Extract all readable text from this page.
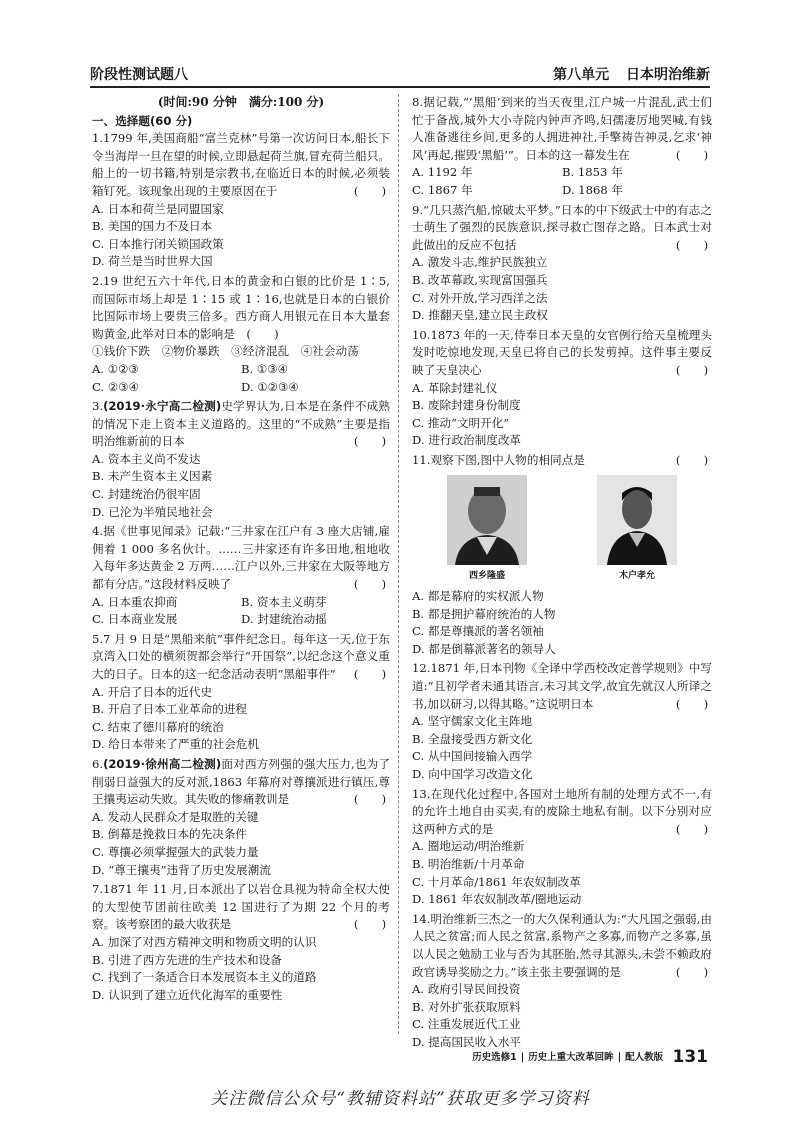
阶段性测试题八	第八单元 日本明治维新
(时间:90 分钟　满分:100 分)
一、选择题(60 分)
1.1799 年,美国商船“富兰克林”号第一次访问日本,船长下令当海岸一旦在望的时候,立即悬起荷兰旗,冒充荷兰船只。船上的一切书籍,特别是宗教书,在临近日本的时候,必须装箱钉死。该现象出现的主要原因在于	(　　)
A. 日本和荷兰是同盟国家
B. 美国的国力不及日本
C. 日本推行闭关锁国政策
D. 荷兰是当时世界大国
2.19 世纪五六十年代,日本的黄金和白银的比价是 1∶5,而国际市场上却是 1∶15 或 1∶16,也就是日本的白银价比国际市场上要贵三倍多。西方商人用银元在日本大量套购黄金,此举对日本的影响是　(　　)
①钱价下跌　②物价暴跌　③经济混乱　④社会动荡
A. ①②③	B. ①③④
C. ②③④	D. ①②③④
3.(2019·永宁高二检测)史学界认为,日本是在条件不成熟的情况下走上资本主义道路的。这里的“不成熟”主要是指明治维新前的日本	(　　)
A. 资本主义尚不发达
B. 未产生资本主义因素
C. 封建统治仍很牢固
D. 已沦为半殖民地社会
4.据《世事见闻录》记载:“三井家在江户有 3 座大店铺,雇佣着 1 000 多名伙计。……三井家还有许多田地,租地收入每年多达黄金 2 万两……江户以外,三井家在大阪等地方都有分店。”这段材料反映了	(　　)
A. 日本重农抑商	B. 资本主义萌芽
C. 日本商业发展	D. 封建统治动摇
5.7 月 9 日是“黑船来航”事件纪念日。每年这一天,位于东京湾入口处的横须贺都会举行“开国祭”,以纪念这个意义重大的日子。日本的这一纪念活动表明“黑船事件”	(　　)
A. 开启了日本的近代史
B. 开启了日本工业革命的进程
C. 结束了德川幕府的统治
D. 给日本带来了严重的社会危机
6.(2019·徐州高二检测)面对西方列强的强大压力,也为了削弱日益强大的反对派,1863 年幕府对尊攘派进行镇压,尊王攘夷运动失败。其失败的惨痛教训是	(　　)
A. 发动人民群众才是取胜的关键
B. 倒幕是挽救日本的先决条件
C. 尊攘必须掌握强大的武装力量
D. “尊王攘夷”违背了历史发展潮流
7.1871 年 11 月,日本派出了以岩仓具视为特命全权大使的大型使节团前往欧美 12 国进行了为期 22 个月的考察。该考察团的最大收获是	(　　)
A. 加深了对西方精神文明和物质文明的认识
B. 引进了西方先进的生产技术和设备
C. 找到了一条适合日本发展资本主义的道路
D. 认识到了建立近代化海军的重要性
8.据记载,“‘黑船’到来的当天夜里,江户城一片混乱,武士们忙于备战,城外大小寺院内钟声齐鸣,妇孺凄厉地哭喊,有钱人准备逃往乡间,更多的人拥进神社,手擎祷告神灵,乞求‘神风’再起,摧毁‘黑船’”。日本的这一幕发生在	(　　)
A. 1192 年	B. 1853 年
C. 1867 年	D. 1868 年
9.“几只蒸汽船,惊破太平梦。”日本的中下级武士中的有志之士萌生了强烈的民族意识,探寻救亡图存之路。日本武士对此做出的反应不包括	(　　)
A. 激发斗志,维护民族独立
B. 改革幕政,实现富国强兵
C. 对外开放,学习西洋之法
D. 推翻天皇,建立民主政权
10.1873 年的一天,侍奉日本天皇的女官例行给天皇梳理头发时吃惊地发现,天皇已将自己的长发剪掉。这件事主要反映了天皇决心	(　　)
A. 革除封建礼仪
B. 废除封建身份制度
C. 推动“文明开化”
D. 进行政治制度改革
11.观察下图,图中人物的相同点是	(　　)
西乡隆盛	木户孝允
A. 都是幕府的实权派人物
B. 都是拥护幕府统治的人物
C. 都是尊攘派的著名领袖
D. 都是倒幕派著名的领导人
12.1871 年,日本刊物《全译中学西校改定普学规则》中写道:“且初学者未通其语言,未习其文学,故宜先就汉人所译之书,加以研习,以得其略。”这说明日本	(　　)
A. 坚守儒家文化主阵地
B. 全盘接受西方新文化
C. 从中国间接输入西学
D. 向中国学习改造文化
13.在现代化过程中,各国对土地所有制的处理方式不一,有的允许土地自由买卖,有的废除土地私有制。以下分别对应这两种方式的是	(　　)
A. 圈地运动/明治维新
B. 明治维新/十月革命
C. 十月革命/1861 年农奴制改革
D. 1861 年农奴制改革/圈地运动
14.明治维新三杰之一的大久保利通认为:“大凡国之强弱,由人民之贫富;而人民之贫富,系物产之多寡,而物产之多寡,虽以人民之勉励工业与否为其胚胎,然寻其源头,未尝不赖政府政官诱导奖励之力。”该主张主要强调的是	(　　)
A. 政府引导民间投资
B. 对外扩张获取原料
C. 注重发展近代工业
D. 提高国民收入水平
历史选修1 | 历史上重大改革回眸 | 配人教版 131
关注微信公众号“教辅资料站”获取更多学习资料
